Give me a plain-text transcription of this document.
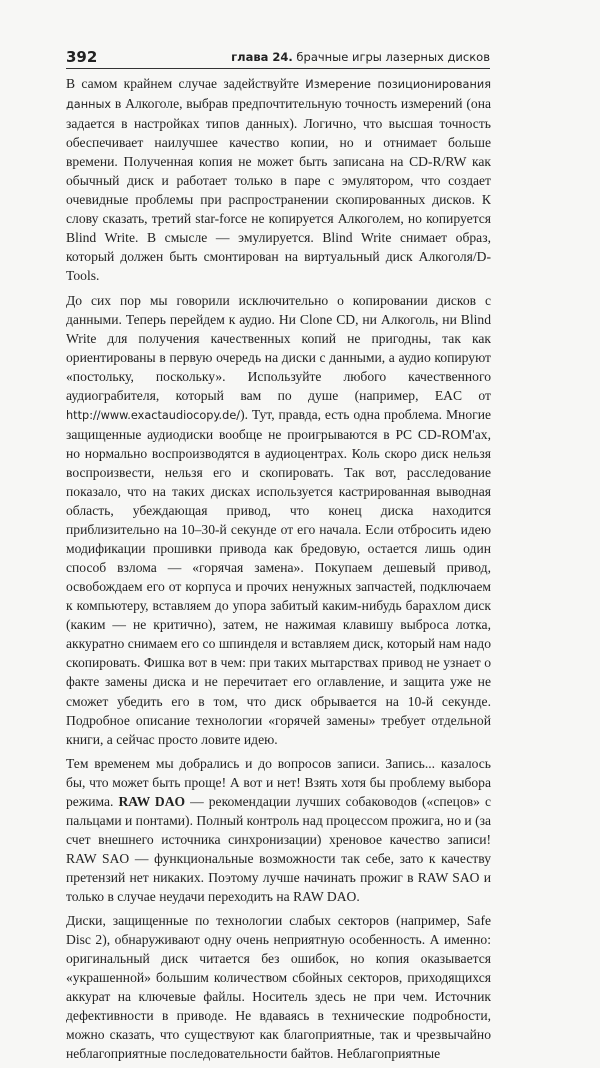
392	глава 24. брачные игры лазерных дисков

В самом крайнем случае задействуйте Измерение позиционирования данных в Алкоголе, выбрав предпочтительную точность измерений (она задается в настройках типов данных). Логично, что высшая точность обеспечивает наилучшее качество копии, но и отнимает больше времени. Полученная копия не может быть записана на CD-R/RW как обычный диск и работает только в паре с эмулятором, что создает очевидные проблемы при распространении скопированных дисков. К слову сказать, третий star-force не копируется Алкоголем, но копируется Blind Write. В смысле — эмулируется. Blind Write снимает образ, который должен быть смонтирован на виртуальный диск Алкоголя/D-Tools.

До сих пор мы говорили исключительно о копировании дисков с данными. Теперь перейдем к аудио. Ни Clone CD, ни Алкоголь, ни Blind Write для получения качественных копий не пригодны, так как ориентированы в первую очередь на диски с данными, а аудио копируют «постольку, поскольку». Используйте любого качественного аудиограбителя, который вам по душе (например, EAC от http://www.exactaudiocopy.de/). Тут, правда, есть одна проблема. Многие защищенные аудиодиски вообще не проигрываются в PC CD-ROM'ах, но нормально воспроизводятся в аудиоцентрах. Коль скоро диск нельзя воспроизвести, нельзя его и скопировать. Так вот, расследование показало, что на таких дисках используется кастрированная выводная область, убеждающая привод, что конец диска находится приблизительно на 10–30-й секунде от его начала. Если отбросить идею модификации прошивки привода как бредовую, остается лишь один способ взлома — «горячая замена». Покупаем дешевый привод, освобождаем его от корпуса и прочих ненужных запчастей, подключаем к компьютеру, вставляем до упора забитый каким-нибудь барахлом диск (каким — не критично), затем, не нажимая клавишу выброса лотка, аккуратно снимаем его со шпинделя и вставляем диск, который нам надо скопировать. Фишка вот в чем: при таких мытарствах привод не узнает о факте замены диска и не перечитает его оглавление, и защита уже не сможет убедить его в том, что диск обрывается на 10-й секунде. Подробное описание технологии «горячей замены» требует отдельной книги, а сейчас просто ловите идею.

Тем временем мы добрались и до вопросов записи. Запись... казалось бы, что может быть проще! А вот и нет! Взять хотя бы проблему выбора режима. RAW DAO — рекомендации лучших собаководов («спецов» с пальцами и понтами). Полный контроль над процессом прожига, но и (за счет внешнего источника синхронизации) хреновое качество записи! RAW SAO — функциональные возможности так себе, зато к качеству претензий нет никаких. Поэтому лучше начинать прожиг в RAW SAO и только в случае неудачи переходить на RAW DAO.

Диски, защищенные по технологии слабых секторов (например, Safe Disc 2), обнаруживают одну очень неприятную особенность. А именно: оригинальный диск читается без ошибок, но копия оказывается «украшенной» большим количеством сбойных секторов, приходящихся аккурат на ключевые файлы. Носитель здесь не при чем. Источник дефективности в приводе. Не вдаваясь в технические подробности, можно сказать, что существуют как благоприятные, так и чрезвычайно неблагоприятные последовательности байтов. Неблагоприятные
